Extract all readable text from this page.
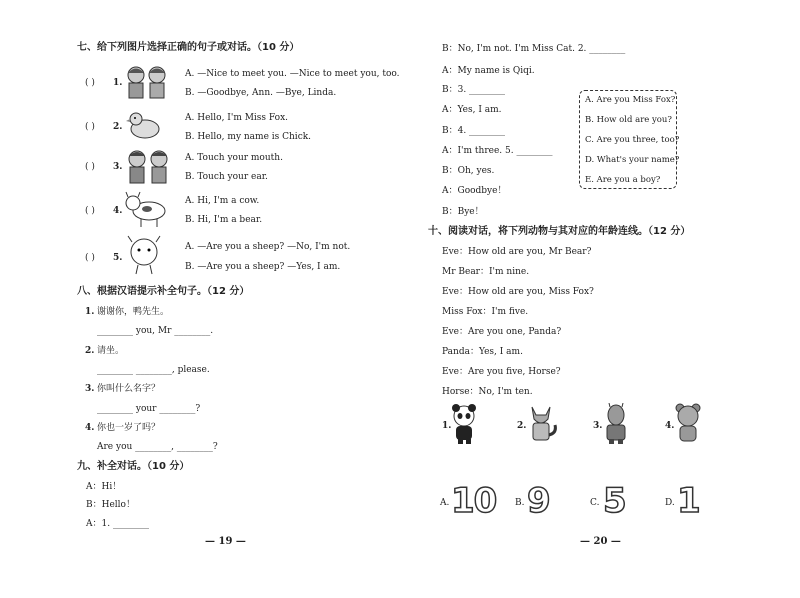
七、给下列图片选择正确的句子或对话。（10 分）
( ) 1.
A. —Nice to meet you. —Nice to meet you, too.
B. —Goodbye, Ann. —Bye, Linda.
( ) 2.
A. Hello, I'm Miss Fox.
B. Hello, my name is Chick.
( ) 3.
A. Touch your mouth.
B. Touch your ear.
( ) 4.
A. Hi, I'm a cow.
B. Hi, I'm a bear.
( ) 5.
A. —Are you a sheep? —No, I'm not.
B. —Are you a sheep? —Yes, I am.
八、根据汉语提示补全句子。（12 分）
1. 谢谢你，鸭先生。
________ you, Mr ________.
2. 请坐。
________ ________, please.
3. 你叫什么名字？
________ your ________?
4. 你也一岁了吗？
Are you ________, ________?
九、补全对话。（10 分）
A：Hi！
B：Hello！
A：1. ________
— 19 —
B：No, I'm not. I'm Miss Cat. 2. ________
A：My name is Qiqi.
B：3. ________
A：Yes, I am.
B：4. ________
A：I'm three. 5. ________
B：Oh, yes.
A：Goodbye！
B：Bye！
A. Are you Miss Fox?
B. How old are you?
C. Are you three, too?
D. What's your name?
E. Are you a boy?
十、阅读对话，将下列动物与其对应的年龄连线。（12 分）
Eve：How old are you, Mr Bear?
Mr Bear：I'm nine.
Eve：How old are you, Miss Fox?
Miss Fox：I'm five.
Eve：Are you one, Panda?
Panda：Yes, I am.
Eve：Are you five, Horse?
Horse：No, I'm ten.
1.	2.	3.	4.
A. 10 B. 9	C. 5	D. 1
— 20 —
